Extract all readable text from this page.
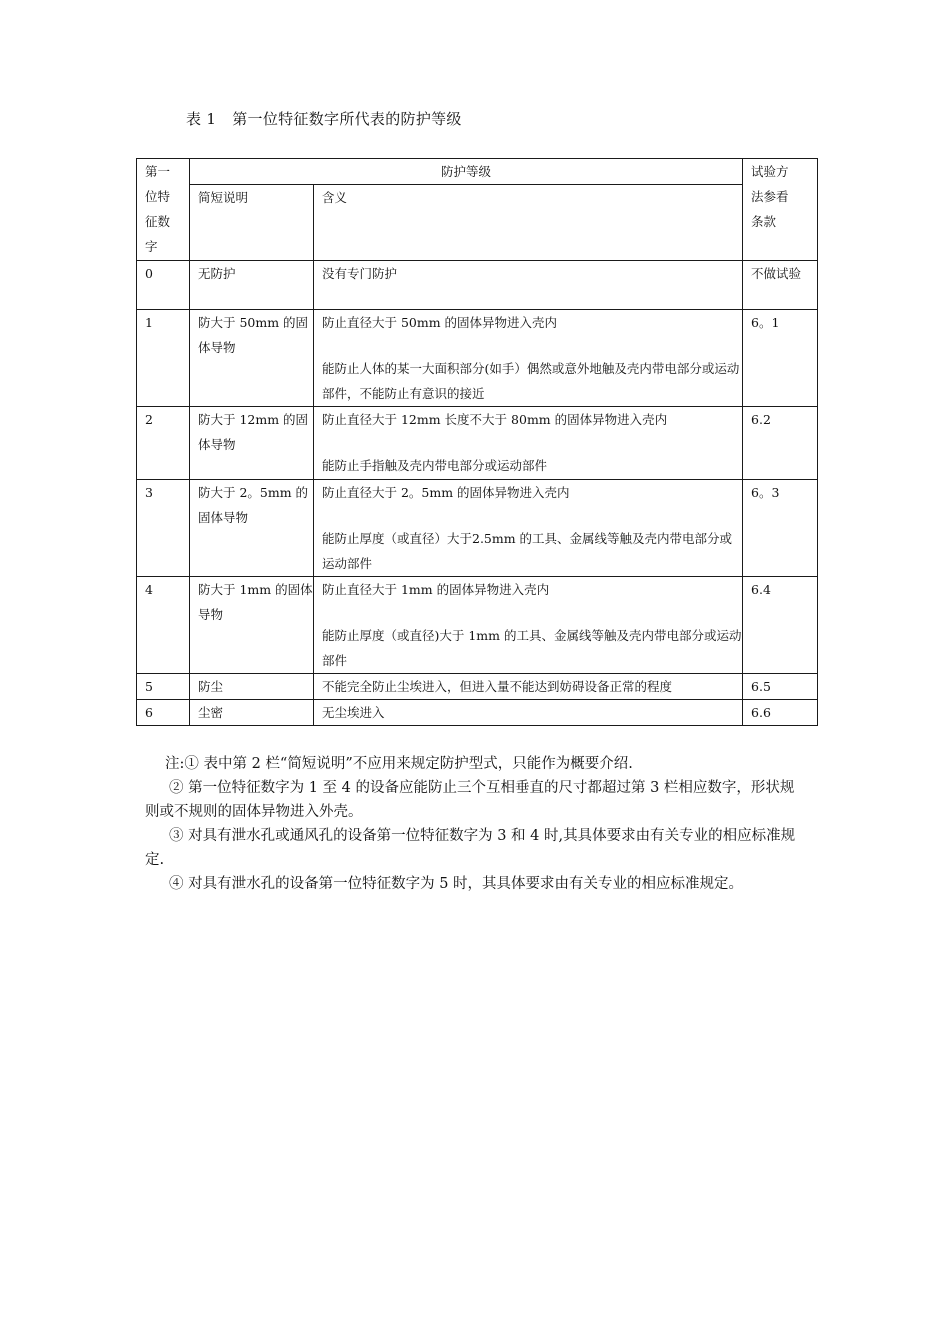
表 1 第一位特征数字所代表的防护等级
第一
位特
征数
字	防护等级		试验方
法参看
条款

	简短说明	含义	
0	无防护	没有专门防护	不做试验
1	防大于 50mm 的固体导物	防止直径大于 50mm 的固体异物进入壳内
能防止人体的某一大面积部分(如手）偶然或意外地触及壳内带电部分或运动部件，不能防止有意识的接近	6。1
2	防大于 12mm 的固体导物	防止直径大于 12mm 长度不大于 80mm 的固体异物进入壳内
能防止手指触及壳内带电部分或运动部件	6.2
3	防大于 2。5mm 的固体导物	防止直径大于 2。5mm 的固体异物进入壳内
能防止厚度（或直径）大于2.5mm 的工具、金属线等触及壳内带电部分或运动部件	6。3
4	防大于 1mm 的固体导物	防止直径大于 1mm 的固体异物进入壳内
能防止厚度（或直径)大于 1mm 的工具、金属线等触及壳内带电部分或运动部件	6.4
5	防尘	不能完全防止尘埃进入，但进入量不能达到妨碍设备正常的程度	6.5
6	尘密	无尘埃进入	6.6

注:① 表中第 2 栏“简短说明”不应用来规定防护型式，只能作为概要介绍.

② 第一位特征数字为 1 至 4 的设备应能防止三个互相垂直的尺寸都超过第 3 栏相应数字，形状规则或不规则的固体异物进入外壳。

③ 对具有泄水孔或通风孔的设备第一位特征数字为 3 和 4 时,其具体要求由有关专业的相应标准规定.

④ 对具有泄水孔的设备第一位特征数字为 5 时，其具体要求由有关专业的相应标准规定。
